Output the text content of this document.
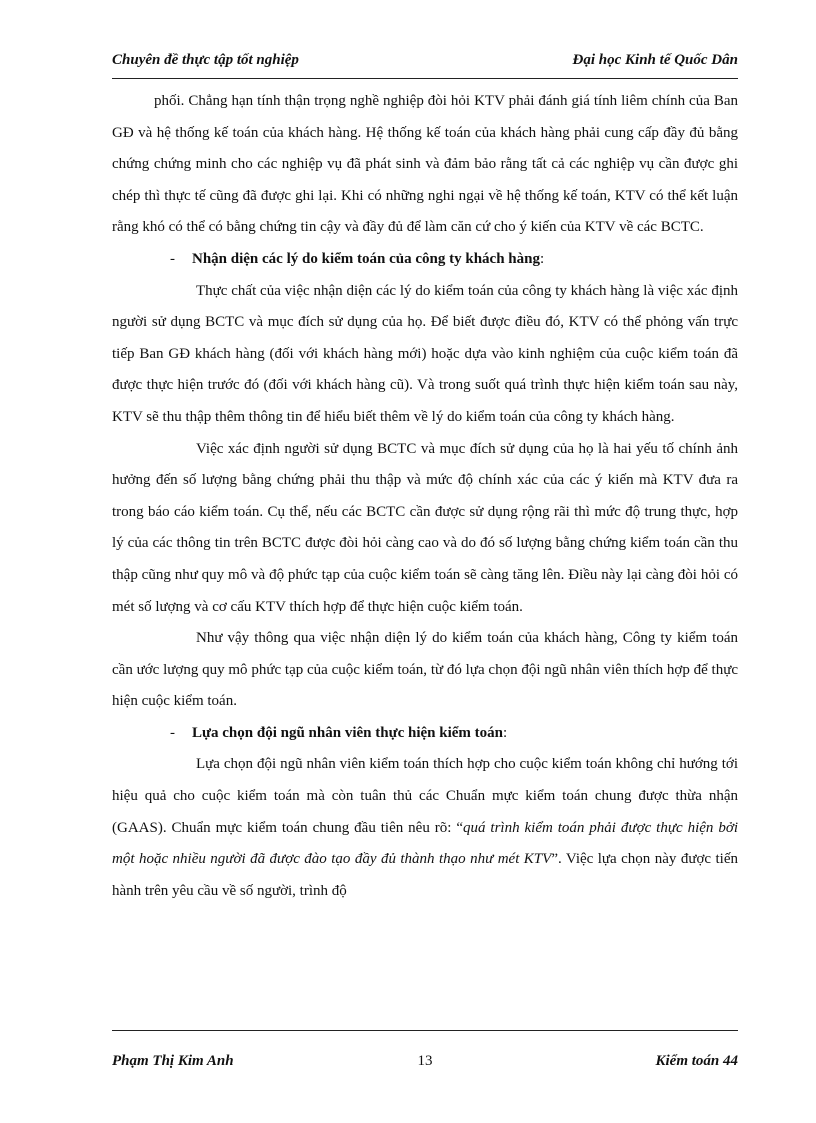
Chuyên đề thực tập tốt nghiệp	Đại học Kinh tế Quốc Dân

phối. Chẳng hạn tính thận trọng nghề nghiệp đòi hỏi KTV phải đánh giá tính liêm chính của Ban GĐ và hệ thống kế toán của khách hàng. Hệ thống kế toán của khách hàng phải cung cấp đầy đủ bằng chứng chứng minh cho các nghiệp vụ đã phát sinh và đảm bảo rằng tất cả các nghiệp vụ cần được ghi chép thì thực tế cũng đã được ghi lại. Khi có những nghi ngại về hệ thống kế toán, KTV có thể kết luận rằng khó có thể có bằng chứng tin cậy và đầy đủ để làm căn cứ cho ý kiến của KTV về các BCTC.

- Nhận diện các lý do kiểm toán của công ty khách hàng:

Thực chất của việc nhận diện các lý do kiểm toán của công ty khách hàng là việc xác định người sử dụng BCTC và mục đích sử dụng của họ. Để biết được điều đó, KTV có thể phỏng vấn trực tiếp Ban GĐ khách hàng (đối với khách hàng mới) hoặc dựa vào kinh nghiệm của cuộc kiểm toán đã được thực hiện trước đó (đối với khách hàng cũ). Và trong suốt quá trình thực hiện kiểm toán sau này, KTV sẽ thu thập thêm thông tin để hiểu biết thêm về lý do kiểm toán của công ty khách hàng.

Việc xác định người sử dụng BCTC và mục đích sử dụng của họ là hai yếu tố chính ảnh hưởng đến số lượng bằng chứng phải thu thập và mức độ chính xác của các ý kiến mà KTV đưa ra trong báo cáo kiểm toán. Cụ thể, nếu các BCTC cần được sử dụng rộng rãi thì mức độ trung thực, hợp lý của các thông tin trên BCTC được đòi hỏi càng cao và do đó số lượng bằng chứng kiểm toán cần thu thập cũng như quy mô và độ phức tạp của cuộc kiểm toán sẽ càng tăng lên. Điều này lại càng đòi hỏi có mét số lượng và cơ cấu KTV thích hợp để thực hiện cuộc kiểm toán.

Như vậy thông qua việc nhận diện lý do kiểm toán của khách hàng, Công ty kiểm toán cần ước lượng quy mô phức tạp của cuộc kiểm toán, từ đó lựa chọn đội ngũ nhân viên thích hợp để thực hiện cuộc kiểm toán.

- Lựa chọn đội ngũ nhân viên thực hiện kiểm toán:

Lựa chọn đội ngũ nhân viên kiểm toán thích hợp cho cuộc kiểm toán không chỉ hướng tới hiệu quả cho cuộc kiểm toán mà còn tuân thủ các Chuẩn mực kiểm toán chung được thừa nhận (GAAS). Chuẩn mực kiểm toán chung đầu tiên nêu rõ: “quá trình kiểm toán phải được thực hiện bởi một hoặc nhiều người đã được đào tạo đầy đủ thành thạo như mét KTV”. Việc lựa chọn này được tiến hành trên yêu cầu về số người, trình độ

Phạm Thị Kim Anh	13	Kiểm toán 44
